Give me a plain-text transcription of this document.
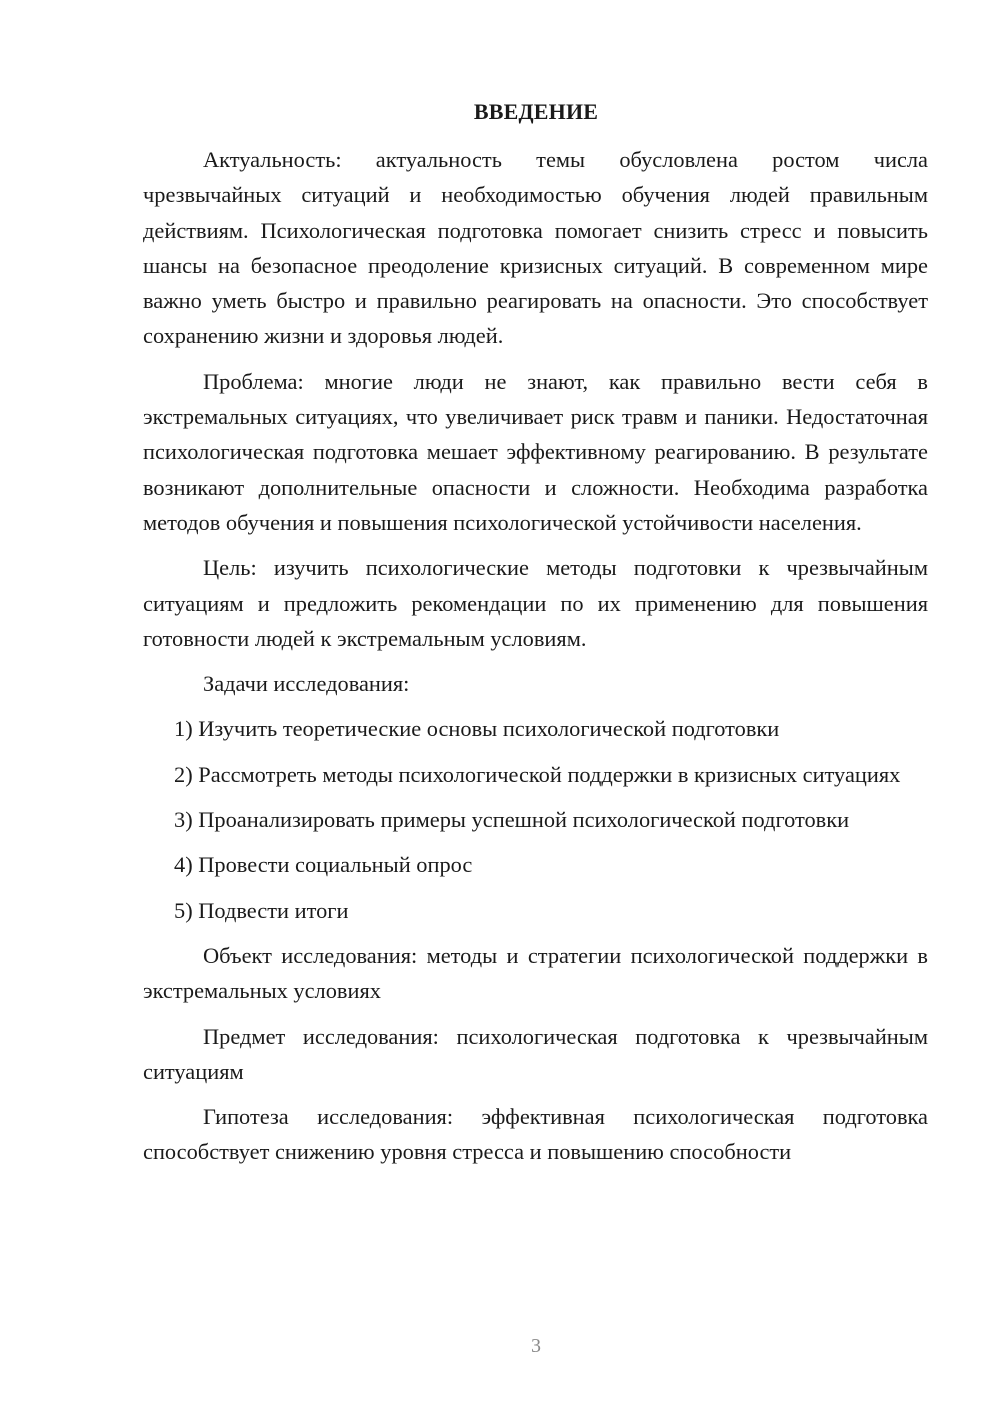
ВВЕДЕНИЕ

Актуальность: актуальность темы обусловлена ростом числа чрезвычайных ситуаций и необходимостью обучения людей правильным действиям. Психологическая подготовка помогает снизить стресс и повысить шансы на безопасное преодоление кризисных ситуаций. В современном мире важно уметь быстро и правильно реагировать на опасности. Это способствует сохранению жизни и здоровья людей.

Проблема: многие люди не знают, как правильно вести себя в экстремальных ситуациях, что увеличивает риск травм и паники. Недостаточная психологическая подготовка мешает эффективному реагированию. В результате возникают дополнительные опасности и сложности. Необходима разработка методов обучения и повышения психологической устойчивости населения.

Цель: изучить психологические методы подготовки к чрезвычайным ситуациям и предложить рекомендации по их применению для повышения готовности людей к экстремальным условиям.

Задачи исследования:

1) Изучить теоретические основы психологической подготовки

2) Рассмотреть методы психологической поддержки в кризисных ситуациях

3) Проанализировать примеры успешной психологической подготовки

4) Провести социальный опрос

5) Подвести итоги

Объект исследования: методы и стратегии психологической поддержки в экстремальных условиях

Предмет исследования: психологическая подготовка к чрезвычайным ситуациям

Гипотеза исследования: эффективная психологическая подготовка способствует снижению уровня стресса и повышению способности

3
